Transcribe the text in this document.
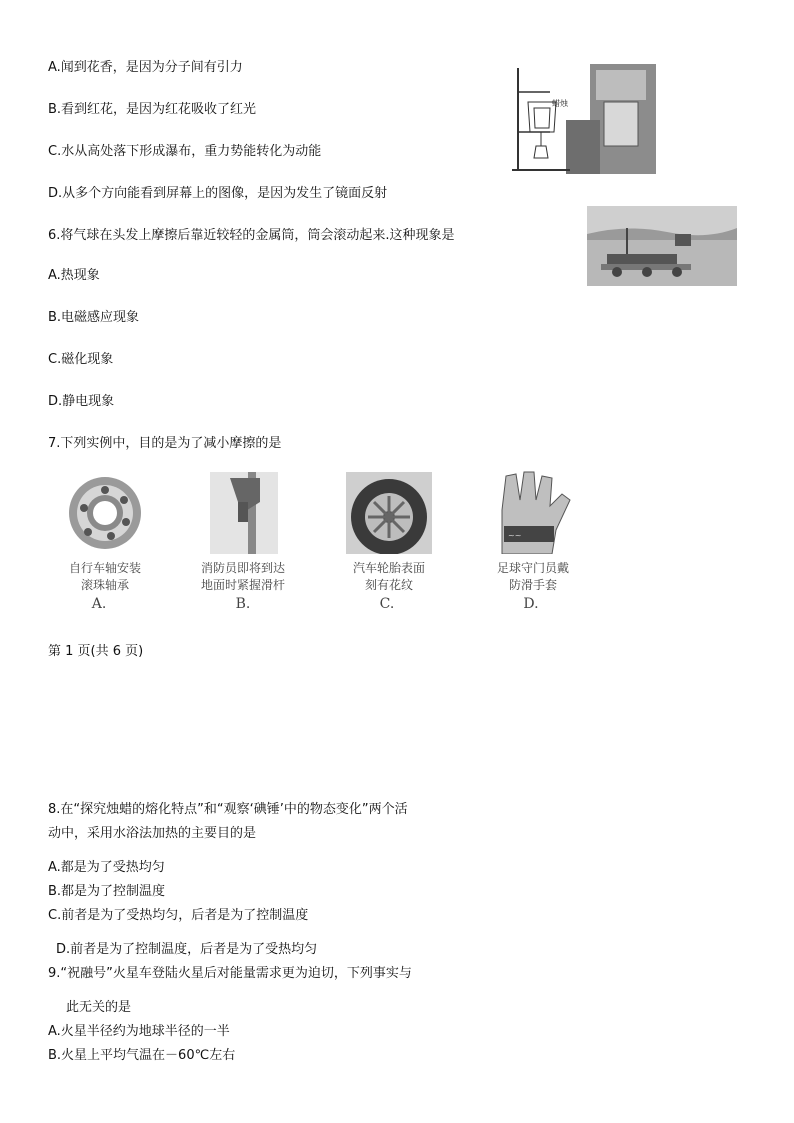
A.闻到花香，是因为分子间有引力
B.看到红花，是因为红花吸收了红光
C.水从高处落下形成瀑布，重力势能转化为动能
D.从多个方向能看到屏幕上的图像，是因为发生了镜面反射
蜡烛
6.将气球在头发上摩擦后靠近较轻的金属筒，筒会滚动起来.这种现象是
A.热现象
B.电磁感应现象
C.磁化现象
D.静电现象
7.下列实例中，目的是为了减小摩擦的是
~~
自行车轴安装
滚珠轴承
消防员即将到达
地面时紧握滑杆
汽车轮胎表面
刻有花纹
足球守门员戴
防滑手套
A.	B.	C.	D.
第 1 页(共 6 页)
8.在“探究烛蜡的熔化特点”和“观察‘碘锤’中的物态变化”两个活
动中，采用水浴法加热的主要目的是
A.都是为了受热均匀
B.都是为了控制温度
C.前者是为了受热均匀，后者是为了控制温度
D.前者是为了控制温度，后者是为了受热均匀
9.“祝融号”火星车登陆火星后对能量需求更为迫切，下列事实与
此无关的是
A.火星半径约为地球半径的一半
B.火星上平均气温在－60℃左右
